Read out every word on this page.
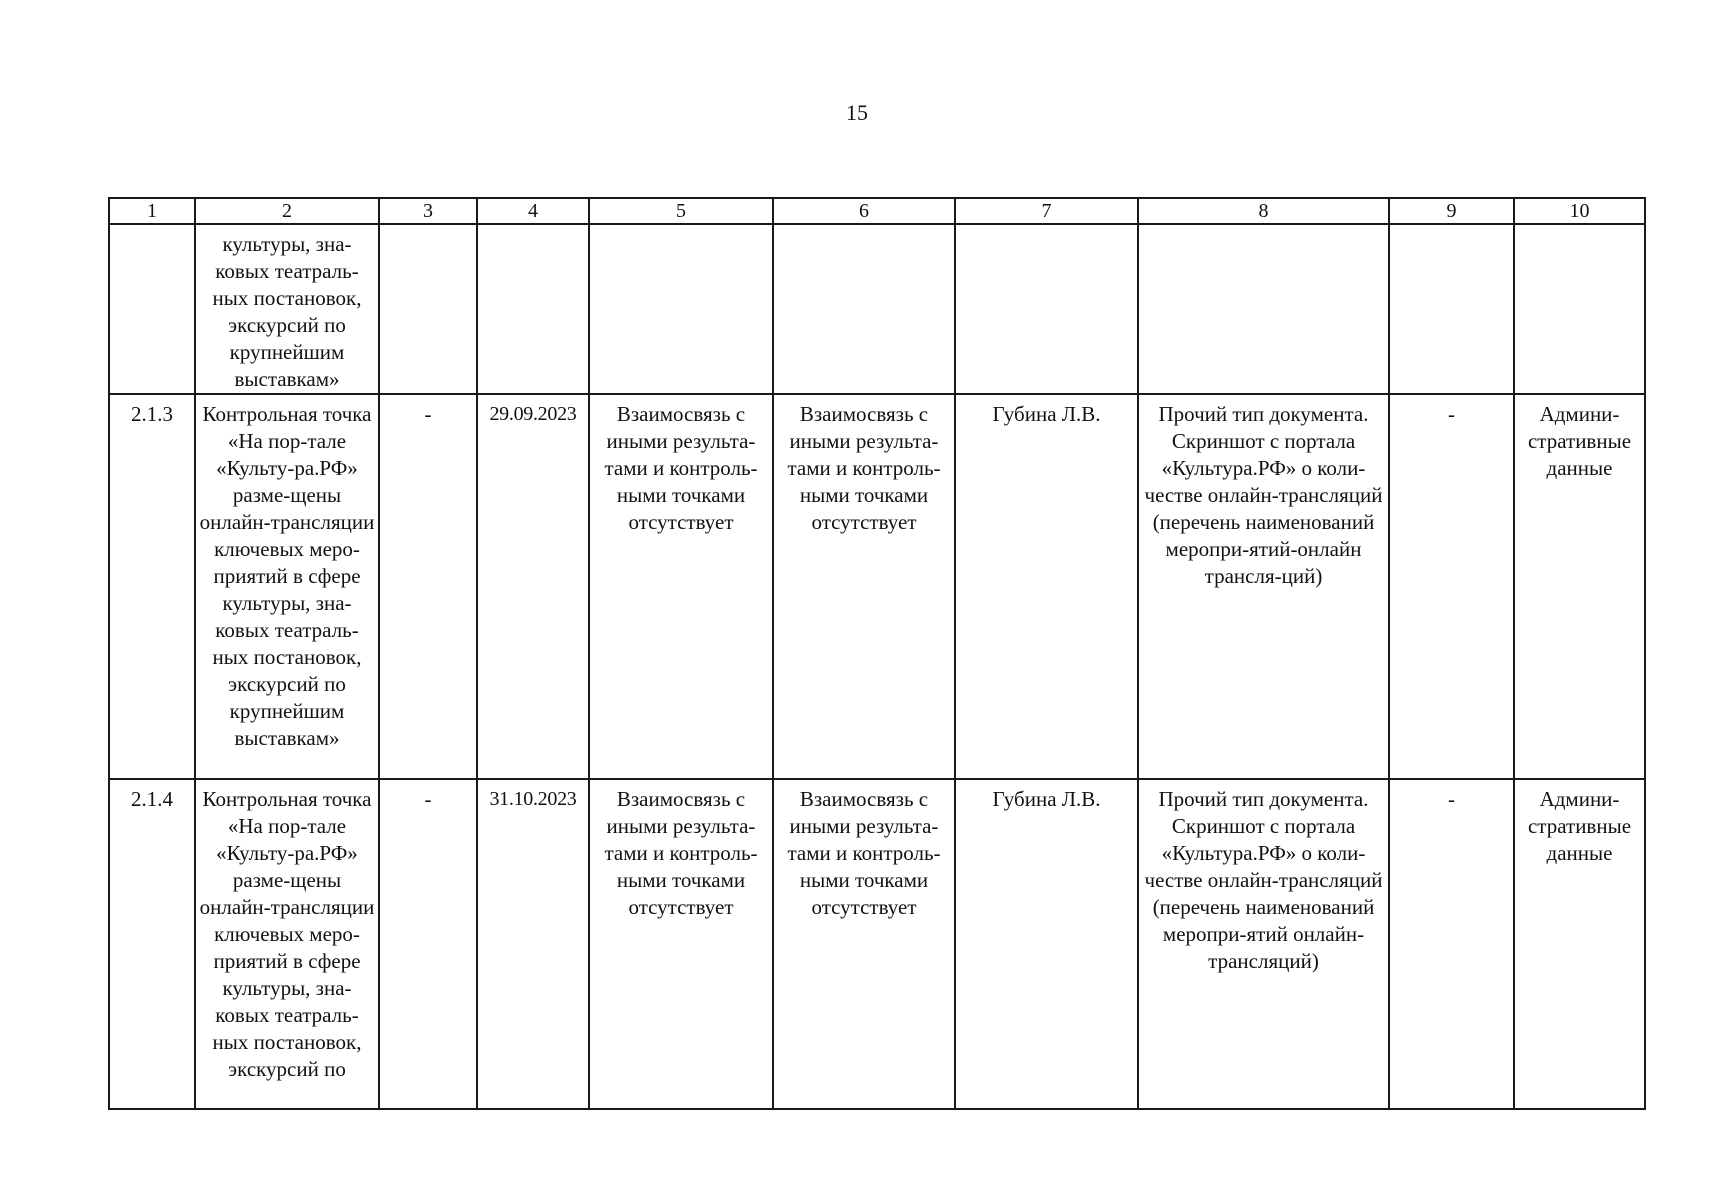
15
1	2	3	4	5	6	7	8	9	10
	культуры, зна-ковых театраль-ных постановок, экскурсий по крупнейшим выставкам»								
2.1.3	Контрольная точка «На пор-тале «Культу-ра.РФ» разме-щены онлайн-трансляции ключевых меро-приятий в сфере культуры, зна-ковых театраль-ных постановок, экскурсий по крупнейшим выставкам»	-	29.09.2023	Взаимосвязь с иными результа-тами и контроль-ными точками отсутствует	Взаимосвязь с иными результа-тами и контроль-ными точками отсутствует	Губина Л.В.	Прочий тип документа. Скриншот с портала «Культура.РФ» о коли-честве онлайн-трансляций (перечень наименований меропри-ятий-онлайн трансля-ций)	-	Админи-стративные данные
2.1.4	Контрольная точка «На пор-тале «Культу-ра.РФ» разме-щены онлайн-трансляции ключевых меро-приятий в сфере культуры, зна-ковых театраль-ных постановок, экскурсий по	-	31.10.2023	Взаимосвязь с иными результа-тами и контроль-ными точками отсутствует	Взаимосвязь с иными результа-тами и контроль-ными точками отсутствует	Губина Л.В.	Прочий тип документа. Скриншот с портала «Культура.РФ» о коли-честве онлайн-трансляций (перечень наименований меропри-ятий онлайн-трансляций)	-	Админи-стративные данные
